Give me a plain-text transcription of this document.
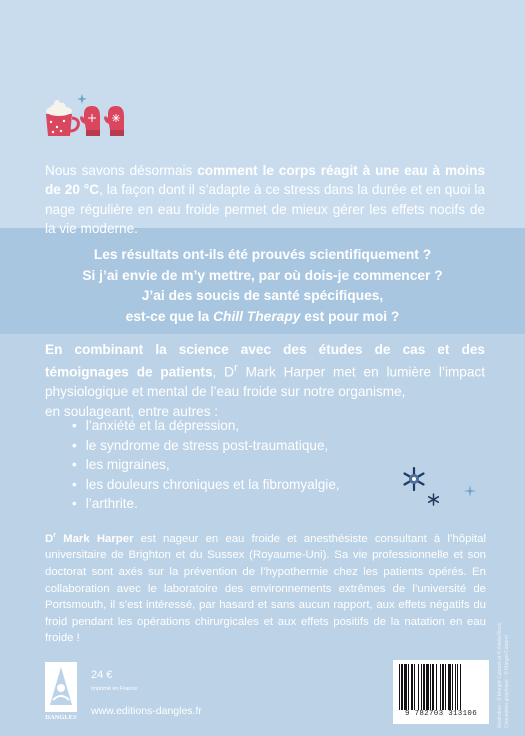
Nous savons désormais comment le corps réagit à une eau à moins de 20 °C, la façon dont il s’adapte à ce stress dans la durée et en quoi la nage régulière en eau froide permet de mieux gérer les effets nocifs de la vie moderne.
Les résultats ont-ils été prouvés scientifiquement ?
Si j’ai envie de m’y mettre, par où dois-je commencer ?
J’ai des soucis de santé spécifiques,
est-ce que la Chill Therapy est pour moi ?
En combinant la science avec des études de cas et des témoignages de patients, $D^r$ Mark Harper met en lumière l’impact physiologique et mental de l’eau froide sur notre organisme,
en soulageant, entre autres :
• l’anxiété et la dépression,
• le syndrome de stress post-traumatique,
• les migraines,
• les douleurs chroniques et la fibromyalgie,
• l’arthrite.
$D^r$ Mark Harper est nageur en eau froide et anesthésiste consultant à l’hôpital universitaire de Brighton et du Sussex (Royaume-Uni). Sa vie professionnelle et son doctorat sont axés sur la prévention de l’hypothermie chez les patients opérés. En collaboration avec le laboratoire des environnements extrêmes de l’université de Portsmouth, il s’est intéressé, par hasard et sans aucun rapport, aux effets négatifs du froid pendant les opérations chirurgicales et aux effets positifs de la natation en eau froide !
DANGLES
24 €
Imprimé en France
www.editions-dangles.fr	9 782703 313106	Illustration : © Margot Cabaret et © AdobeStock Conception graphique : © Margot Cabaret
